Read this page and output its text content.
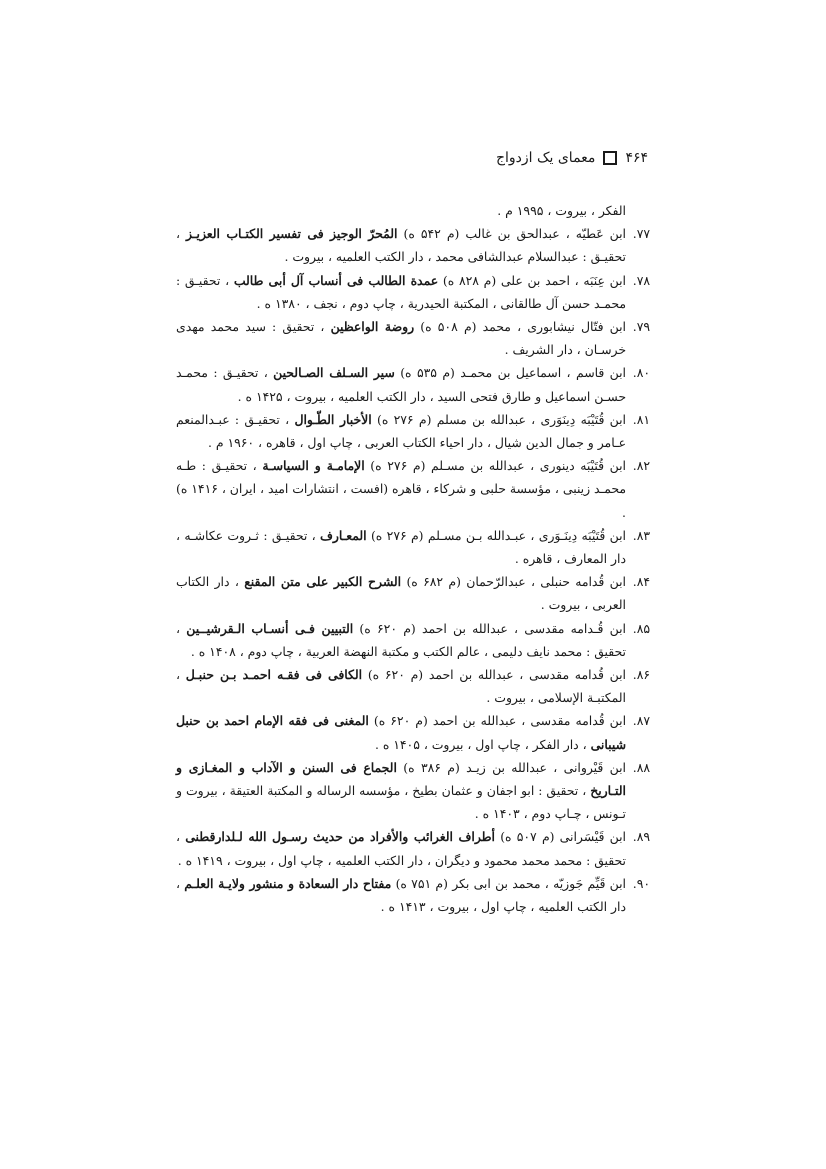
۴۶۴
معمای یک ازدواج

الفکر ، بیروت ، ۱۹۹۵ م .

۷۷.
ابن عَطیّه ، عبدالحق بن غالب (م ۵۴۲ ه) المُحرّ الوجیز فی تفسیر الکتـاب العزیـز ، تحقیـق : عبدالسلام عبدالشافی محمد ، دار الکتب العلمیه ، بیروت .

۷۸.
ابن عِنَبَه ، احمد بن علی (م ۸۲۸ ه) عمدة الطالب فی أنساب آل أبی طالب ، تحقیـق : محمـد حسن آل طالقانی ، المکتبة الحیدریة ، چاپ دوم ، نجف ، ۱۳۸۰ ه .

۷۹.
ابن فتّال نیشابوری ، محمد (م ۵۰۸ ه) روضة الواعظین ، تحقیق : سید محمد مهدی خرسـان ، دار الشریف .

۸۰.
ابن قاسم ، اسماعیل بن محمـد (م ۵۳۵ ه) سیر السـلف الصـالحین ، تحقیـق : محمـد حسـن اسماعیل و طارق فتحی السید ، دار الکتب العلمیه ، بیروت ، ۱۴۲۵ ه .

۸۱.
ابن قُتَیْبَه دِینَوَری ، عبدالله بن مسلم (م ۲۷۶ ه) الأخبار الطّـوال ، تحقیـق : عبـدالمنعم عـامر و جمال الدین شیال ، دار احیاء الکتاب العربی ، چاپ اول ، قاهره ، ۱۹۶۰ م .

۸۲.
ابن قُتَیْبَه دینوری ، عبدالله بن مسـلم (م ۲۷۶ ه) الإمامـة و السیاسـة ، تحقیـق : طـه محمـد زینبی ، مؤسسة حلبی و شرکاء ، قاهره (افست ، انتشارات امید ، ایران ، ۱۴۱۶ ه) .

۸۳.
ابن قُتَیْبَه دِینَـوَری ، عبـدالله بـن مسـلم (م ۲۷۶ ه) المعـارف ، تحقیـق : ثـروت عکاشـه ، دار المعارف ، قاهره .

۸۴.
ابن قُدامه حنبلی ، عبدالرّحمان (م ۶۸۲ ه) الشرح الکبیر علی متن المقنع ، دار الکتاب العربی ، بیروت .

۸۵.
ابن قُـدامه مقدسی ، عبدالله بن احمد (م ۶۲۰ ه) التبیین فـی أنسـاب الـقرشیــین ، تحقیق : محمد نایف دلیمی ، عالم الکتب و مکتبة النهضة العربیة ، چاپ دوم ، ۱۴۰۸ ه .

۸۶.
ابن قُدامه مقدسی ، عبدالله بن احمد (م ۶۲۰ ه) الکافی فی فقـه احمـد بـن حنبـل ، المکتبـة الإسلامی ، بیروت .

۸۷.
ابن قُدامه مقدسی ، عبدالله بن احمد (م ۶۲۰ ه) المغنی فی فقه الإمام احمد بن حنبل شیبانی ، دار الفکر ، چاپ اول ، بیروت ، ۱۴۰۵ ه .

۸۸.
ابن قَیْروانی ، عبدالله بن زیـد (م ۳۸۶ ه) الجماع فی السنن و الآداب و المغـازی و التـاریخ ، تحقیق : ابو اجفان و عثمان بطیخ ، مؤسسه الرساله و المکتبة العتیقة ، بیروت و تـونس ، چـاپ دوم ، ۱۴۰۳ ه .

۸۹.
ابن قَیْسَرانی (م ۵۰۷ ه) أطراف الغرائب والأفراد من حدیث رسـول الله لـلدارقطنی ، تحقیق : محمد محمد محمود و دیگران ، دار الکتب العلمیه ، چاپ اول ، بیروت ، ۱۴۱۹ ه .

۹۰.
ابن قَیِّم جَوزیّه ، محمد بن ابی بکر (م ۷۵۱ ه) مفتاح دار السعادة و منشور ولایـة العلـم ، دار الکتب العلمیه ، چاپ اول ، بیروت ، ۱۴۱۳ ه .
